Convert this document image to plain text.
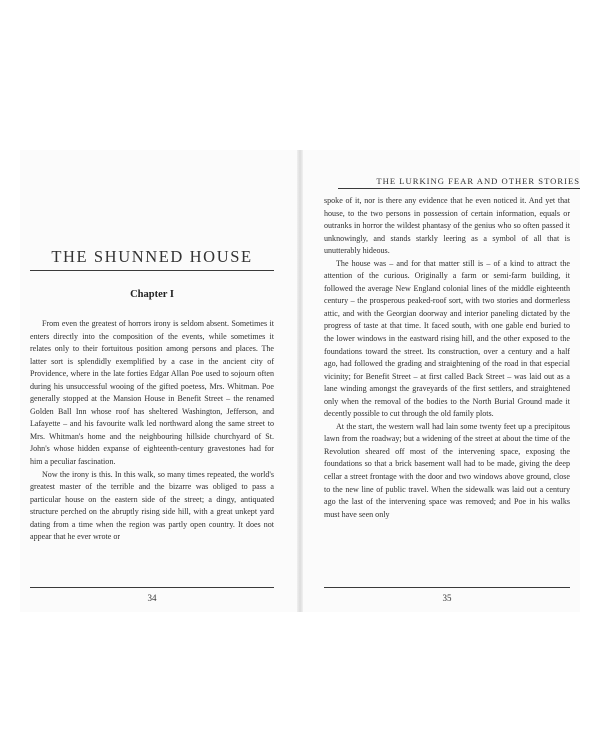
THE LURKING FEAR AND OTHER STORIES
THE SHUNNED HOUSE
Chapter I

From even the greatest of horrors irony is seldom absent. Sometimes it enters directly into the composition of the events, while sometimes it relates only to their fortuitous position among persons and places. The latter sort is splendidly exemplified by a case in the ancient city of Providence, where in the late forties Edgar Allan Poe used to sojourn often during his unsuccessful wooing of the gifted poetess, Mrs. Whitman. Poe generally stopped at the Mansion House in Benefit Street – the renamed Golden Ball Inn whose roof has sheltered Washington, Jefferson, and Lafayette – and his favourite walk led northward along the same street to Mrs. Whitman's home and the neighbouring hillside churchyard of St. John's whose hidden expanse of eighteenth-century gravestones had for him a peculiar fascination.

Now the irony is this. In this walk, so many times repeated, the world's greatest master of the terrible and the bizarre was obliged to pass a particular house on the eastern side of the street; a dingy, antiquated structure perched on the abruptly rising side hill, with a great unkept yard dating from a time when the region was partly open country. It does not appear that he ever wrote or

spoke of it, nor is there any evidence that he even noticed it. And yet that house, to the two persons in possession of certain information, equals or outranks in horror the wildest phantasy of the genius who so often passed it unknowingly, and stands starkly leering as a symbol of all that is unutterably hideous.

The house was – and for that matter still is – of a kind to attract the attention of the curious. Originally a farm or semi-farm building, it followed the average New England colonial lines of the middle eighteenth century – the prosperous peaked-roof sort, with two stories and dormerless attic, and with the Georgian doorway and interior paneling dictated by the progress of taste at that time. It faced south, with one gable end buried to the lower windows in the eastward rising hill, and the other exposed to the foundations toward the street. Its construction, over a century and a half ago, had followed the grading and straightening of the road in that especial vicinity; for Benefit Street – at first called Back Street – was laid out as a lane winding amongst the graveyards of the first settlers, and straightened only when the removal of the bodies to the North Burial Ground made it decently possible to cut through the old family plots.

At the start, the western wall had lain some twenty feet up a precipitous lawn from the roadway; but a widening of the street at about the time of the Revolution sheared off most of the intervening space, exposing the foundations so that a brick basement wall had to be made, giving the deep cellar a street frontage with the door and two windows above ground, close to the new line of public travel. When the sidewalk was laid out a century ago the last of the intervening space was removed; and Poe in his walks must have seen only

34	35
